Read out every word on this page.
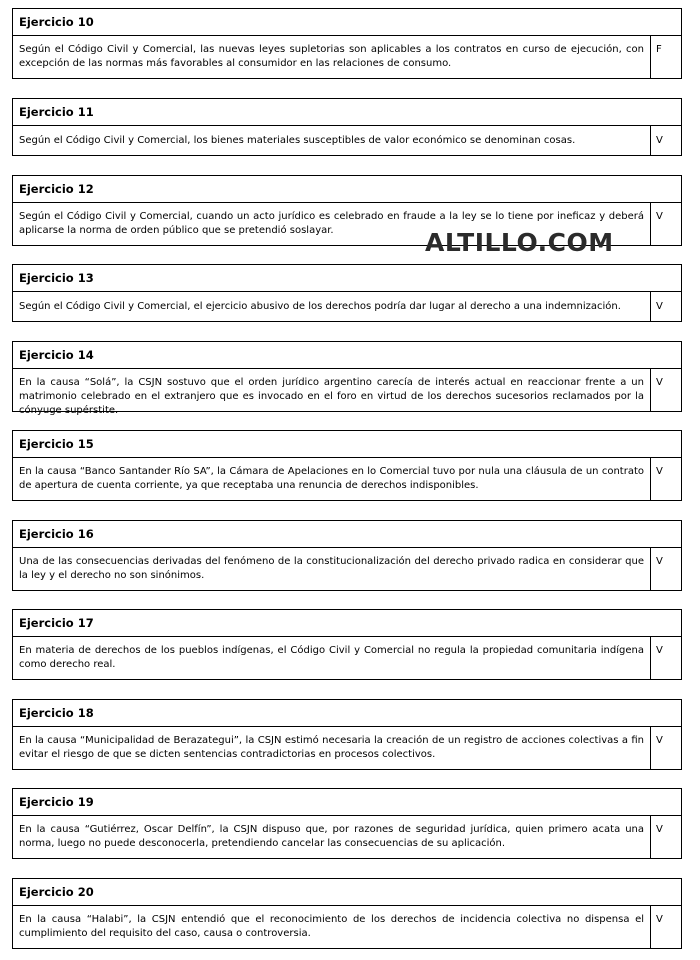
Ejercicio 10
Según el Código Civil y Comercial, las nuevas leyes supletorias son aplicables a los contratos en curso de ejecución, con excepción de las normas más favorables al consumidor en las relaciones de consumo.
F
Ejercicio 11
Según el Código Civil y Comercial, los bienes materiales susceptibles de valor económico se denominan cosas.	V
Ejercicio 12
Según el Código Civil y Comercial, cuando un acto jurídico es celebrado en fraude a la ley se lo tiene por ineficaz y deberá aplicarse la norma de orden público que se pretendió soslayar.
V
Ejercicio 13
Según el Código Civil y Comercial, el ejercicio abusivo de los derechos podría dar lugar al derecho a una indemnización.	V
Ejercicio 14
En la causa “Solá”, la CSJN sostuvo que el orden jurídico argentino carecía de interés actual en reaccionar frente a un matrimonio celebrado en el extranjero que es invocado en el foro en virtud de los derechos sucesorios reclamados por la cónyuge supérstite.
V
Ejercicio 15
En la causa “Banco Santander Río SA”, la Cámara de Apelaciones en lo Comercial tuvo por nula una cláusula de un contrato de apertura de cuenta corriente, ya que receptaba una renuncia de derechos indisponibles.
V
Ejercicio 16
Una de las consecuencias derivadas del fenómeno de la constitucionalización del derecho privado radica en considerar que la ley y el derecho no son sinónimos.
V
Ejercicio 17
En materia de derechos de los pueblos indígenas, el Código Civil y Comercial no regula la propiedad comunitaria indígena como derecho real.
V
Ejercicio 18
En la causa “Municipalidad de Berazategui”, la CSJN estimó necesaria la creación de un registro de acciones colectivas a fin evitar el riesgo de que se dicten sentencias contradictorias en procesos colectivos.
V
Ejercicio 19
En la causa “Gutiérrez, Oscar Delfín”, la CSJN dispuso que, por razones de seguridad jurídica, quien primero acata una norma, luego no puede desconocerla, pretendiendo cancelar las consecuencias de su aplicación.
V
Ejercicio 20
En la causa “Halabi”, la CSJN entendió que el reconocimiento de los derechos de incidencia colectiva no dispensa el cumplimiento del requisito del caso, causa o controversia.
V
ALTILLO.COM
